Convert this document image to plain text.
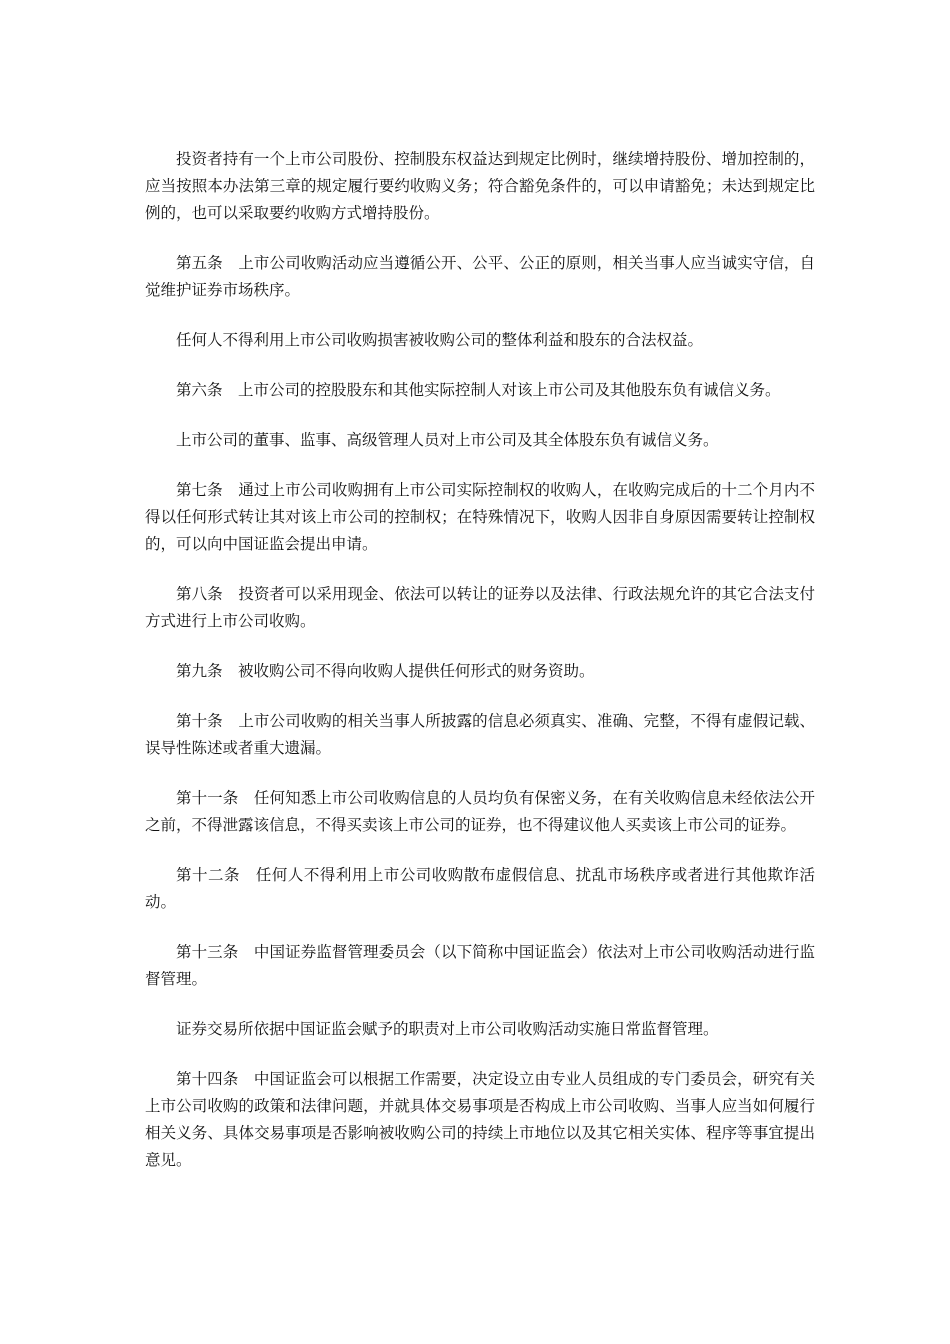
投资者持有一个上市公司股份、控制股东权益达到规定比例时，继续增持股份、增加控制的，应当按照本办法第三章的规定履行要约收购义务；符合豁免条件的，可以申请豁免；未达到规定比例的，也可以采取要约收购方式增持股份。

第五条　上市公司收购活动应当遵循公开、公平、公正的原则，相关当事人应当诚实守信，自觉维护证券市场秩序。

任何人不得利用上市公司收购损害被收购公司的整体利益和股东的合法权益。

第六条　上市公司的控股股东和其他实际控制人对该上市公司及其他股东负有诚信义务。

上市公司的董事、监事、高级管理人员对上市公司及其全体股东负有诚信义务。

第七条　通过上市公司收购拥有上市公司实际控制权的收购人，在收购完成后的十二个月内不得以任何形式转让其对该上市公司的控制权；在特殊情况下，收购人因非自身原因需要转让控制权的，可以向中国证监会提出申请。

第八条　投资者可以采用现金、依法可以转让的证券以及法律、行政法规允许的其它合法支付方式进行上市公司收购。

第九条　被收购公司不得向收购人提供任何形式的财务资助。

第十条　上市公司收购的相关当事人所披露的信息必须真实、准确、完整，不得有虚假记载、误导性陈述或者重大遗漏。

第十一条　任何知悉上市公司收购信息的人员均负有保密义务，在有关收购信息未经依法公开之前，不得泄露该信息，不得买卖该上市公司的证券，也不得建议他人买卖该上市公司的证券。

第十二条　任何人不得利用上市公司收购散布虚假信息、扰乱市场秩序或者进行其他欺诈活动。

第十三条　中国证券监督管理委员会（以下简称中国证监会）依法对上市公司收购活动进行监督管理。

证券交易所依据中国证监会赋予的职责对上市公司收购活动实施日常监督管理。

第十四条　中国证监会可以根据工作需要，决定设立由专业人员组成的专门委员会，研究有关上市公司收购的政策和法律问题，并就具体交易事项是否构成上市公司收购、当事人应当如何履行相关义务、具体交易事项是否影响被收购公司的持续上市地位以及其它相关实体、程序等事宜提出意见。
